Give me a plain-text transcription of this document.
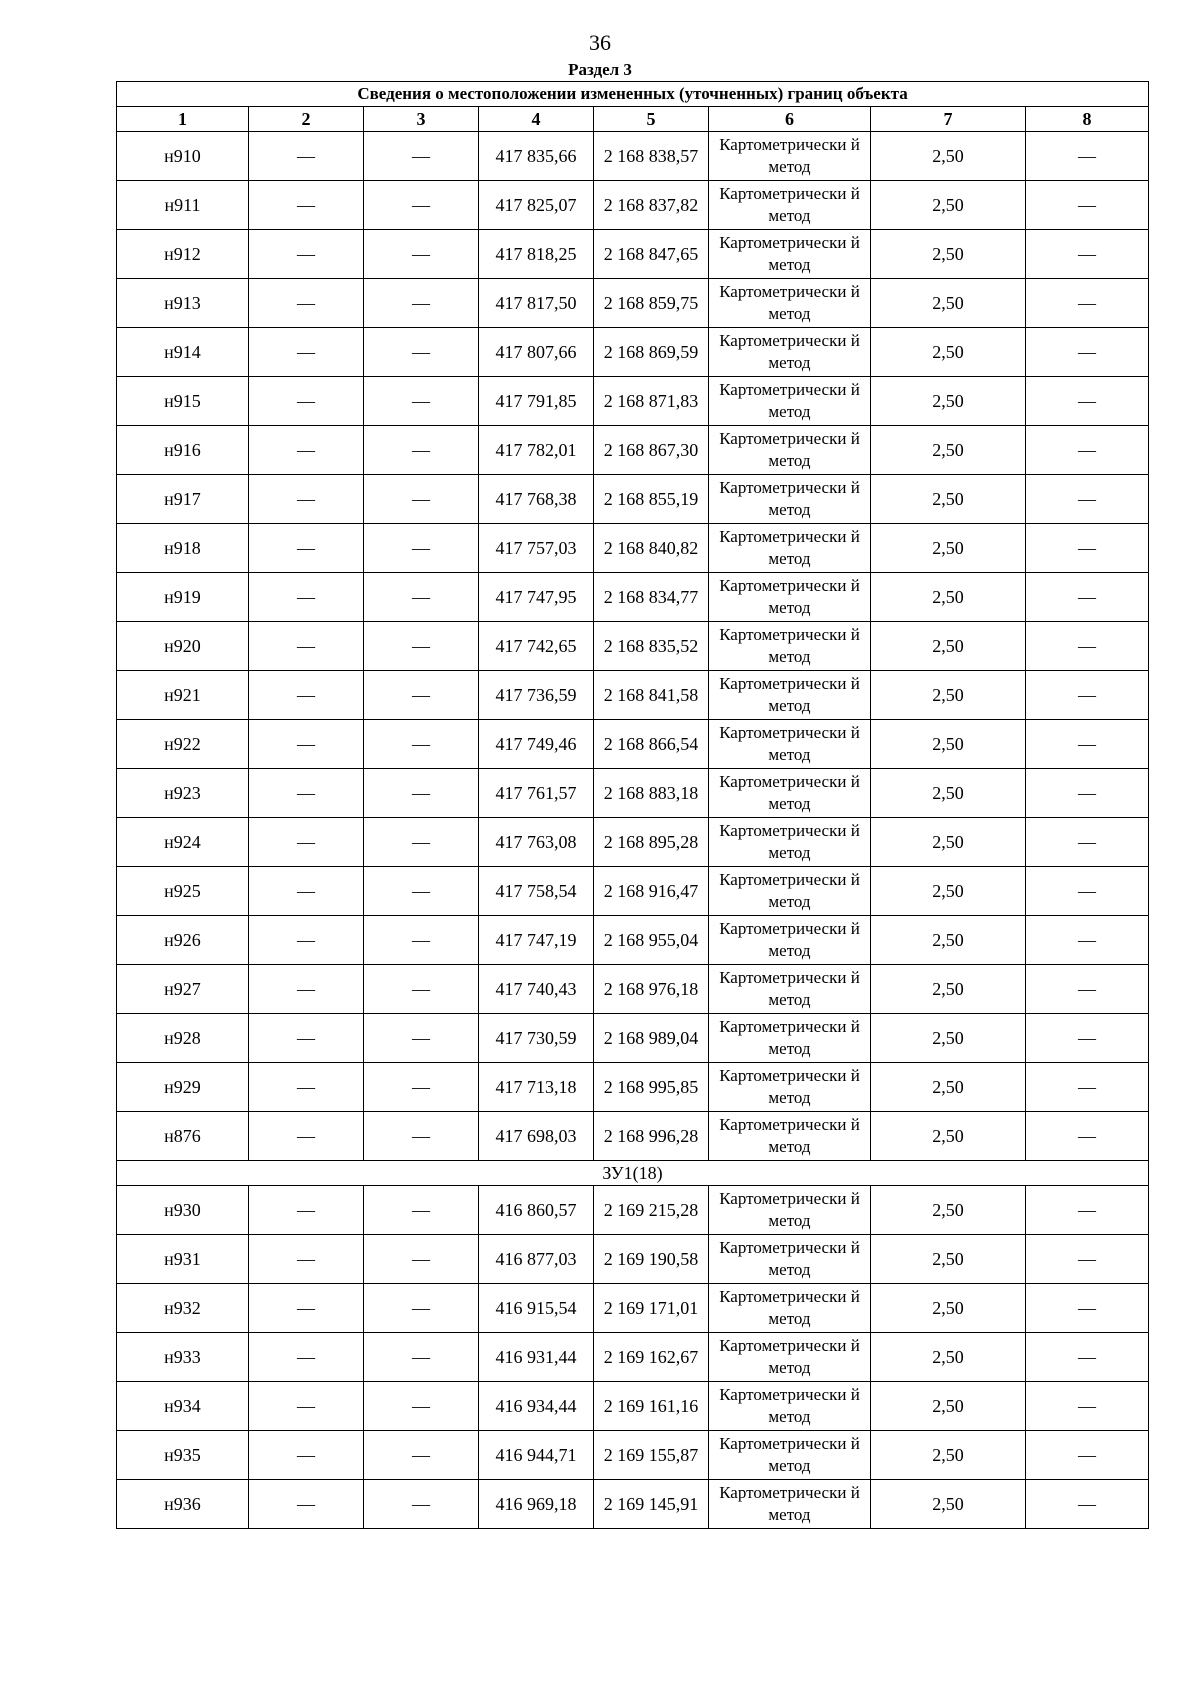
36
Раздел 3
Сведения о местоположении измененных (уточненных) границ объекта							
1	2	3	4	5	6	7	8
н910	—	—	417 835,66	2 168 838,57	Картометрически й метод	2,50	—
н911	—	—	417 825,07	2 168 837,82	Картометрически й метод	2,50	—
н912	—	—	417 818,25	2 168 847,65	Картометрически й метод	2,50	—
н913	—	—	417 817,50	2 168 859,75	Картометрически й метод	2,50	—
н914	—	—	417 807,66	2 168 869,59	Картометрически й метод	2,50	—
н915	—	—	417 791,85	2 168 871,83	Картометрически й метод	2,50	—
н916	—	—	417 782,01	2 168 867,30	Картометрически й метод	2,50	—
н917	—	—	417 768,38	2 168 855,19	Картометрически й метод	2,50	—
н918	—	—	417 757,03	2 168 840,82	Картометрически й метод	2,50	—
н919	—	—	417 747,95	2 168 834,77	Картометрически й метод	2,50	—
н920	—	—	417 742,65	2 168 835,52	Картометрически й метод	2,50	—
н921	—	—	417 736,59	2 168 841,58	Картометрически й метод	2,50	—
н922	—	—	417 749,46	2 168 866,54	Картометрически й метод	2,50	—
н923	—	—	417 761,57	2 168 883,18	Картометрически й метод	2,50	—
н924	—	—	417 763,08	2 168 895,28	Картометрически й метод	2,50	—
н925	—	—	417 758,54	2 168 916,47	Картометрически й метод	2,50	—
н926	—	—	417 747,19	2 168 955,04	Картометрически й метод	2,50	—
н927	—	—	417 740,43	2 168 976,18	Картометрически й метод	2,50	—
н928	—	—	417 730,59	2 168 989,04	Картометрически й метод	2,50	—
н929	—	—	417 713,18	2 168 995,85	Картометрически й метод	2,50	—
н876	—	—	417 698,03	2 168 996,28	Картометрически й метод	2,50	—
ЗУ1(18)							
н930	—	—	416 860,57	2 169 215,28	Картометрически й метод	2,50	—
н931	—	—	416 877,03	2 169 190,58	Картометрически й метод	2,50	—
н932	—	—	416 915,54	2 169 171,01	Картометрически й метод	2,50	—
н933	—	—	416 931,44	2 169 162,67	Картометрически й метод	2,50	—
н934	—	—	416 934,44	2 169 161,16	Картометрически й метод	2,50	—
н935	—	—	416 944,71	2 169 155,87	Картометрически й метод	2,50	—
н936	—	—	416 969,18	2 169 145,91	Картометрически й метод	2,50	—
